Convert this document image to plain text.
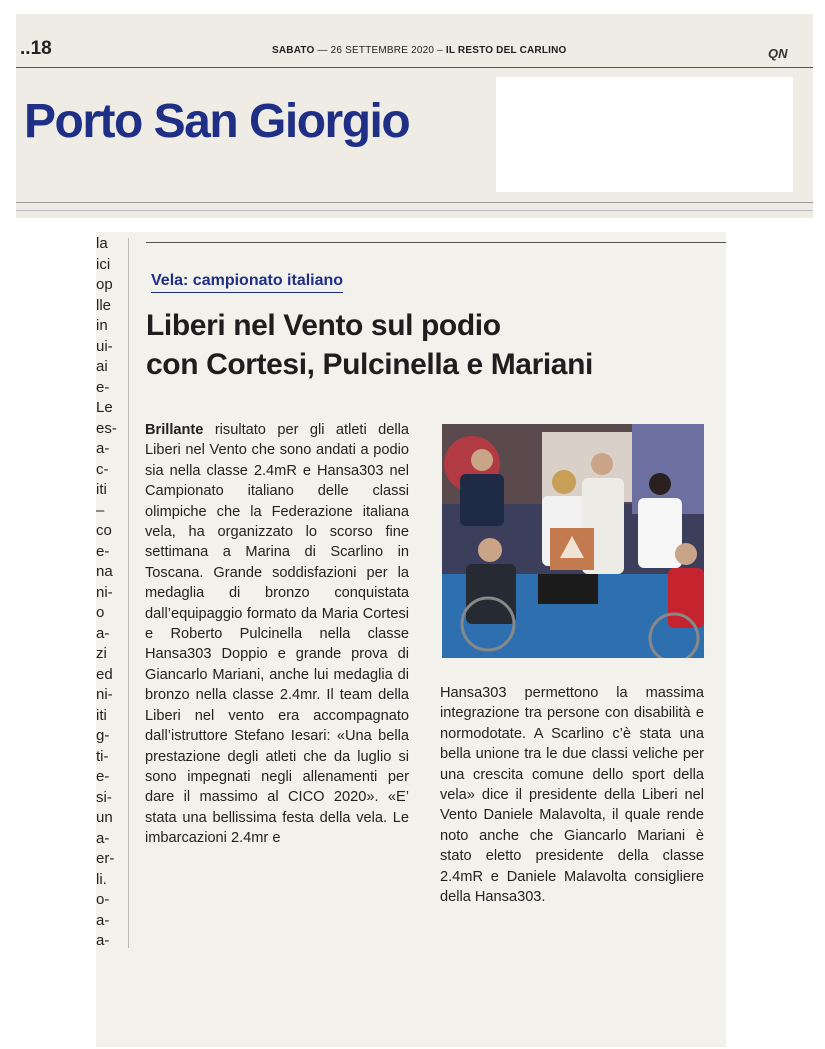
..18	SABATO — 26 SETTEMBRE 2020 – IL RESTO DEL CARLINO	QN
Porto San Giorgio
la
ici
op
lle
in
ui-
ai
e-
Le
es-
a-
c-
iti
–
co
e-
na
ni-
o
a-
zi
ed
ni-
iti
g-
ti-
e-
si-
un
a-
er-
li.
o-
a-
a-
Vela: campionato italiano
Liberi nel Vento sul podio
con Cortesi, Pulcinella e Mariani
Brillante risultato per gli atleti della Liberi nel Vento che sono andati a podio sia nella classe 2.4mR e Hansa303 nel Campionato italiano delle classi olimpiche che la Federazione italiana vela, ha organizzato lo scorso fine settimana a Marina di Scarlino in Toscana. Grande soddisfazioni per la medaglia di bronzo conquistata dall’equipaggio formato da Maria Cortesi e Roberto Pulcinella nella classe Hansa303 Doppio e grande prova di Giancarlo Mariani, anche lui medaglia di bronzo nella classe 2.4mr. Il team della Liberi nel vento era accompagnato dall’istruttore Stefano Iesari: «Una bella prestazione degli atleti che da luglio si sono impegnati negli allenamenti per dare il massimo al CICO 2020». «E’ stata una bellissima festa della vela. Le imbarcazioni 2.4mr e
Hansa303 permettono la massima integrazione tra persone con disabilità e normodotate. A Scarlino c’è stata una bella unione tra le due classi veliche per una crescita comune dello sport della vela» dice il presidente della Liberi nel Vento Daniele Malavolta, il quale rende noto anche che Giancarlo Mariani è stato eletto presidente della classe 2.4mR e Daniele Malavolta consigliere della Hansa303.
